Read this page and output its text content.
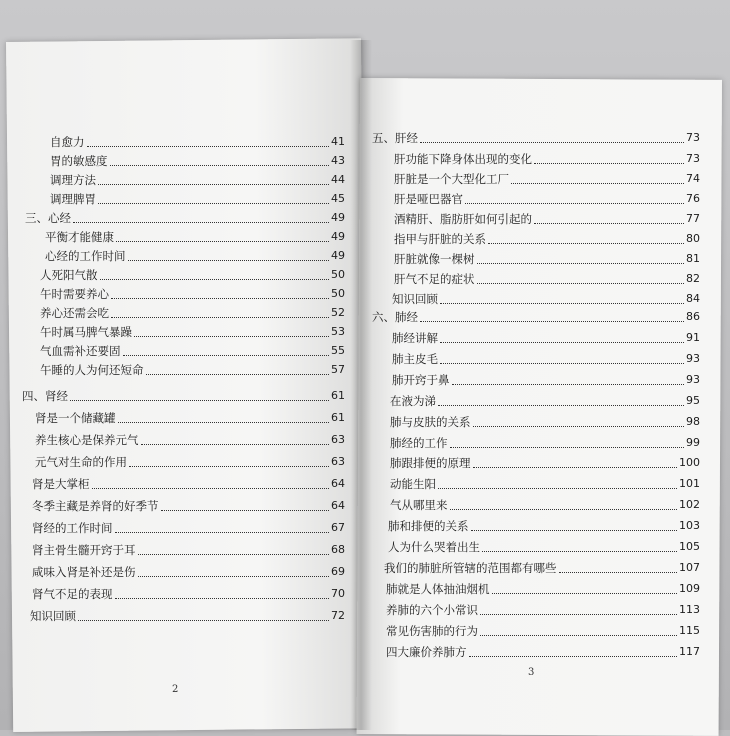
自愈力	41
胃的敏感度	43
调理方法	44
调理脾胃	45
三、心经	49
平衡才能健康	49
心经的工作时间	49
人死阳气散	50
午时需要养心	50
养心还需会吃	52
午时属马脾气暴躁	53
气血需补还要固	55
午睡的人为何还短命	57
四、肾经	61
肾是一个储藏罐	61
养生核心是保养元气	63
元气对生命的作用	63
肾是大掌柜	64
冬季主藏是养肾的好季节	64
肾经的工作时间	67
肾主骨生髓开窍于耳	68
咸味入肾是补还是伤	69
肾气不足的表现	70
知识回顾	72
五、肝经	73
肝功能下降身体出现的变化	73
肝脏是一个大型化工厂	74
肝是哑巴器官	76
酒精肝、脂肪肝如何引起的	77
指甲与肝脏的关系	80
肝脏就像一棵树	81
肝气不足的症状	82
知识回顾	84
六、肺经	86
肺经讲解	91
肺主皮毛	93
肺开窍于鼻	93
在液为涕	95
肺与皮肤的关系	98
肺经的工作	99
肺跟排便的原理	100
动能生阳	101
气从哪里来	102
肺和排便的关系	103
人为什么哭着出生	105
我们的肺脏所管辖的范围都有哪些	107
肺就是人体抽油烟机	109
养肺的六个小常识	113
常见伤害肺的行为	115
四大廉价养肺方	117
2
3
